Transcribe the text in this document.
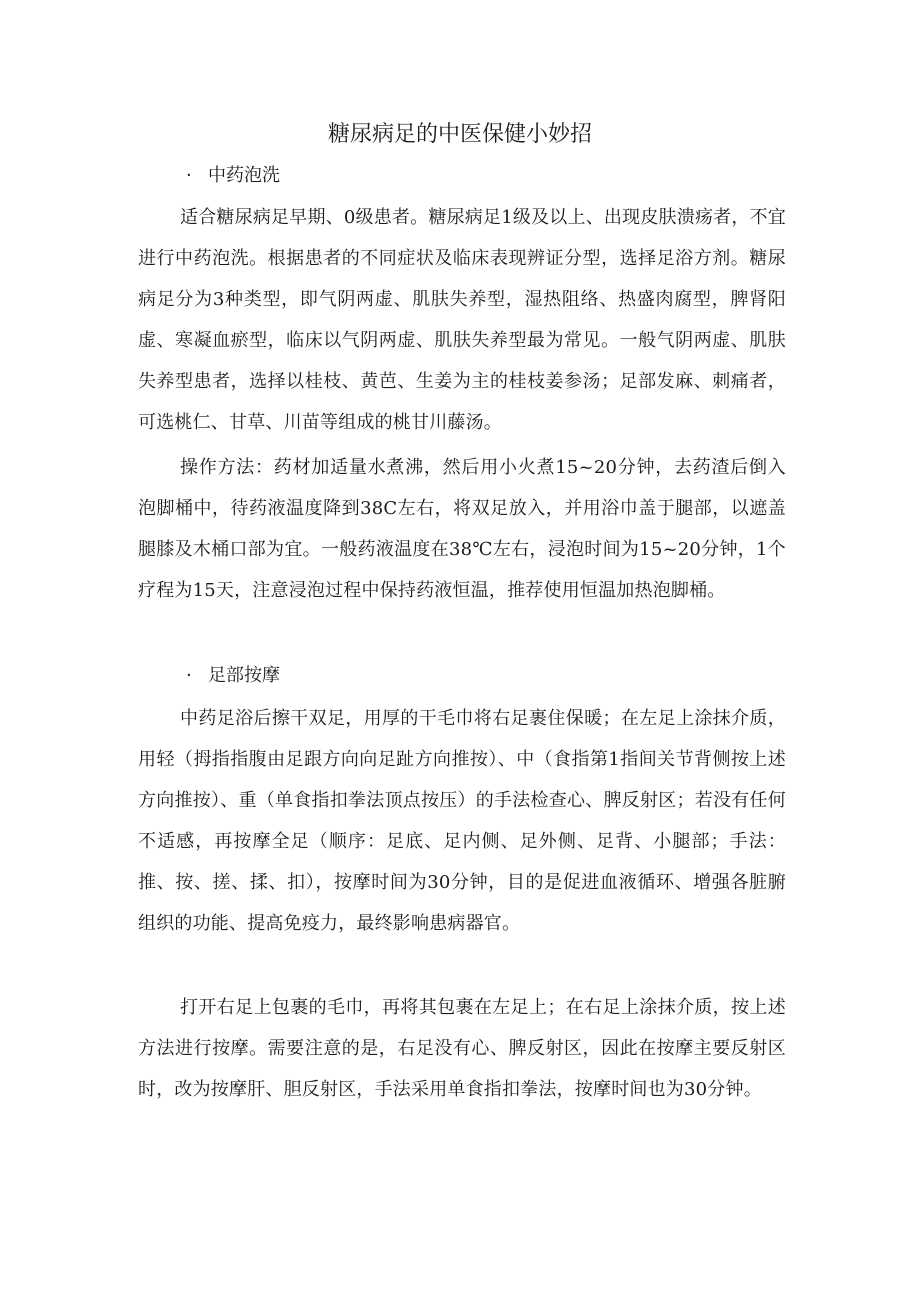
糖尿病足的中医保健小妙招
· 中药泡洗

适合糖尿病足早期、0级患者。糖尿病足1级及以上、出现皮肤溃疡者，不宜进行中药泡洗。根据患者的不同症状及临床表现辨证分型，选择足浴方剂。糖尿病足分为3种类型，即气阴两虚、肌肤失养型，湿热阻络、热盛肉腐型，脾肾阳虚、寒凝血瘀型，临床以气阴两虚、肌肤失养型最为常见。一般气阴两虚、肌肤失养型患者，选择以桂枝、黄芭、生姜为主的桂枝姜参汤；足部发麻、刺痛者，可选桃仁、甘草、川苗等组成的桃甘川藤汤。

操作方法：药材加适量水煮沸，然后用小火煮15~20分钟，去药渣后倒入泡脚桶中，待药液温度降到38C左右，将双足放入，并用浴巾盖于腿部，以遮盖腿膝及木桶口部为宜。一般药液温度在38℃左右，浸泡时间为15~20分钟，1个疗程为15天，注意浸泡过程中保持药液恒温，推荐使用恒温加热泡脚桶。

· 足部按摩

中药足浴后擦干双足，用厚的干毛巾将右足裹住保暖；在左足上涂抹介质，用轻（拇指指腹由足跟方向向足趾方向推按）、中（食指第1指间关节背侧按上述方向推按）、重（单食指扣拳法顶点按压）的手法检查心、脾反射区；若没有任何不适感，再按摩全足（顺序：足底、足内侧、足外侧、足背、小腿部；手法：推、按、搓、揉、扣），按摩时间为30分钟，目的是促进血液循环、增强各脏腑组织的功能、提高免疫力，最终影响患病器官。

打开右足上包裹的毛巾，再将其包裹在左足上；在右足上涂抹介质，按上述方法进行按摩。需要注意的是，右足没有心、脾反射区，因此在按摩主要反射区时，改为按摩肝、胆反射区，手法采用单食指扣拳法，按摩时间也为30分钟。
